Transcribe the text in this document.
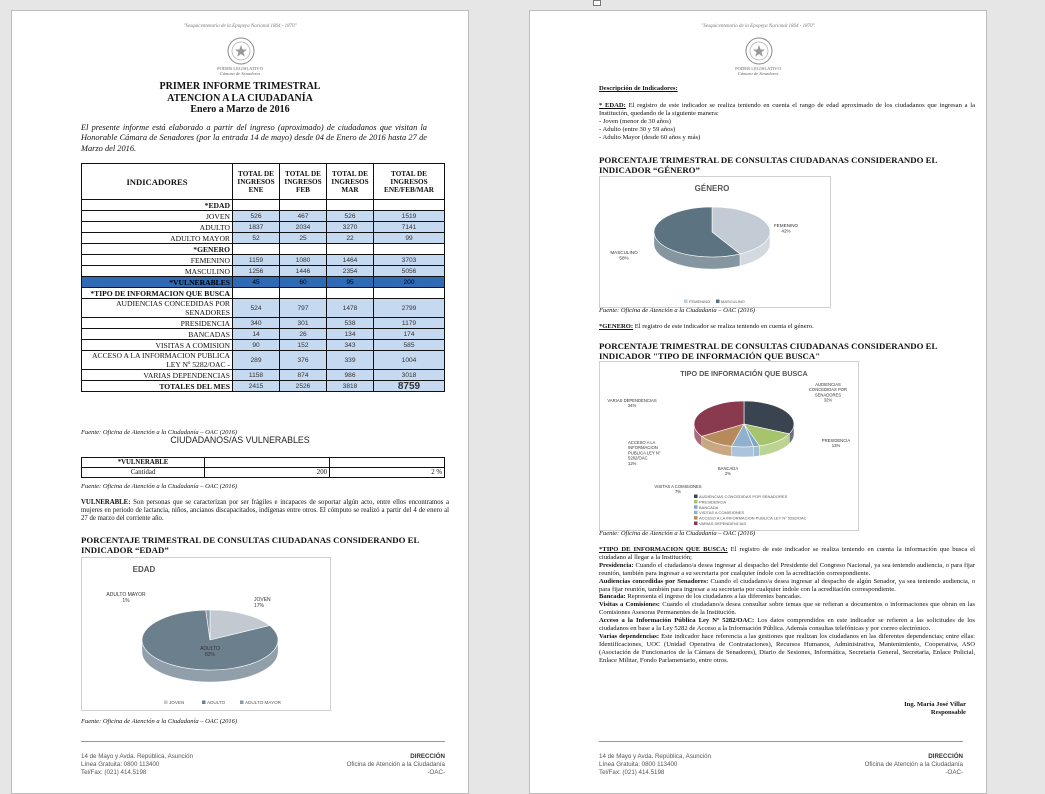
"Sesquicentenario de la Epopeya Nacional 1864 - 1870"
PODER LEGISLATIVO
Cámara de Senadores
PRIMER INFORME TRIMESTRAL
ATENCION A LA CIUDADANÍA
Enero a Marzo de 2016
El presente informe está elaborado a partir del ingreso (aproximado) de ciudadanos que visitan la Honorable Cámara de Senadores (por la entrada 14 de mayo) desde 04 de Enero de 2016 hasta 27 de Marzo del 2016.
INDICADORES	TOTAL DE INGRESOS ENE	TOTAL DE INGRESOS FEB	TOTAL DE INGRESOS MAR	TOTAL DE INGRESOS ENE/FEB/MAR
*EDAD				
JOVEN	526	467	526	1519
ADULTO	1837	2034	3270	7141
ADULTO MAYOR	52	25	22	99
*GENERO				
FEMENINO	1159	1080	1464	3703
MASCULINO	1256	1446	2354	5056
*VULNERABLES	45	60	95	200
*TIPO DE INFORMACION QUE BUSCA				
AUDIENCIAS CONCEDIDAS POR SENADORES	524	797	1478	2799
PRESIDENCIA	340	301	538	1179
BANCADAS	14	26	134	174
VISITAS A COMISION	90	152	343	585
ACCESO A LA INFORMACION PUBLICA LEY Nº 5282/OAC -	289	376	339	1004
VARIAS DEPENDENCIAS	1158	874	986	3018
TOTALES DEL MES	2415	2526	3818	8759
Fuente: Oficina de Atención a la Ciudadanía – OAC (2016)
CIUDADANOS/AS VULNERABLES
*VULNERABLE		
Cantidad	200	2 %
Fuente: Oficina de Atención a la Ciudadanía – OAC (2016)
VULNERABLE: Son personas que se caracterizan por ser frágiles e incapaces de soportar algún acto, entre ellos encontramos a mujeres en periodo de lactancia, niños, ancianos discapacitados, indígenas entre otros. El cómputo se realizó a partir del 4 de enero al 27 de marzo del corriente año.
PORCENTAJE TRIMESTRAL DE CONSULTAS CIUDADANAS CONSIDERANDO EL INDICADOR “EDAD”
EDAD
JOVEN 17%
ADULTO 82%
ADULTO MAYOR 1%
JOVEN	ADULTO	ADULTO MAYOR
Fuente: Oficina de Atención a la Ciudadanía – OAC (2016)
14 de Mayo y Avda. República, Asunción
Línea Gratuita: 0800 113400
Tel/Fax: (021) 414.5198
DIRECCIÓN
Oficina de Atención a la Ciudadanía
-OAC-
"Sesquicentenario de la Epopeya Nacional 1864 - 1870"
PODER LEGISLATIVO
Cámara de Senadores
Descripción de Indicadores:
* EDAD: El registro de este indicador se realiza teniendo en cuenta el rango de edad aproximado de los ciudadanos que ingresan a la Institución, quedando de la siguiente manera:
- Joven (menor de 30 años)
- Adulto (entre 30 y 59 años)
- Adulto Mayor (desde 60 años y más)
PORCENTAJE TRIMESTRAL DE CONSULTAS CIUDADANAS CONSIDERANDO EL INDICADOR “GÉNERO”
GÉNERO
FEMENINO 42%
MASCULINO 58%
FEMENINO	MASCULINO
Fuente: Oficina de Atención a la Ciudadanía – OAC (2016)
*GENERO: El registro de este indicador se realiza teniendo en cuenta el género.
PORCENTAJE TRIMESTRAL DE CONSULTAS CIUDADANAS CONSIDERANDO EL INDICADOR "TIPO DE INFORMACIÓN QUE BUSCA"
TIPO DE INFORMACIÓN QUE BUSCA
AUDIENCIAS CONCEDIDAS POR SENADORES 32%
PRESIDENCIA 13%
BANCADA 2%
VISITAS A COMISIONES 7%
ACCESO A LA INFORMACION PUBLICA LEY N° 5282/OAC 12%
VARIAS DEPENDENCIAS 34%
AUDIENCIAS CONCEDIDAS POR SENADORES
PRESIDENCIA
BANCADA
VISITAS A COMISIONES
ACCESO A LA INFORMACION PUBLICA LEY N° 5282/OAC
VARIAS DEPENDENCIAS
Fuente: Oficina de Atención a la Ciudadanía – OAC (2016)
*TIPO DE INFORMACION QUE BUSCA: El registro de este indicador se realiza teniendo en cuenta la información que busca el ciudadano al llegar a la Institución;
Presidencia: Cuando el ciudadano/a desea ingresar al despacho del Presidente del Congreso Nacional, ya sea teniendo audiencia, o para fijar reunión, también para ingresar a su secretaria por cualquier índole con la acreditación correspondiente.
Audiencias concedidas por Senadores: Cuando el ciudadano/a desea ingresar al despacho de algún Senador, ya sea teniendo audiencia, o para fijar reunión, también para ingresar a su secretaria por cualquier índole con la acreditación correspondiente.
Bancada: Representa el ingreso de los ciudadanos a las diferentes bancadas.
Visitas a Comisiones: Cuando el ciudadano/a desea consultar sobre temas que se refieran a documentos o informaciones que obran en las Comisiones Asesoras Permanentes de la Institución.
Acceso a la Información Pública Ley Nº 5282/OAC: Los datos comprendidos en este indicador se refieren a las solicitudes de los ciudadanos en base a la Ley 5282 de Acceso a la Información Pública. Además consultas telefónicas y por correo electrónico.
Varias dependencias: Este indicador hace referencia a las gestiones que realizan los ciudadanos en las diferentes dependencias; entre ellas: Identificaciones, UOC (Unidad Operativa de Contrataciones), Recursos Humanos, Administrativa, Mantenimiento, Cooperativa, ASO (Asociación de Funcionarios de la Cámara de Senadores), Diario de Sesiones, Informática, Secretaria General, Secretaria, Enlace Policial, Enlace Militar, Fondo Parlamentario, entre otros.
Ing. María José Villar
Responsable
14 de Mayo y Avda. República, Asunción
Línea Gratuita: 0800 113400
Tel/Fax: (021) 414.5198
DIRECCIÓN
Oficina de Atención a la Ciudadanía
-OAC-
